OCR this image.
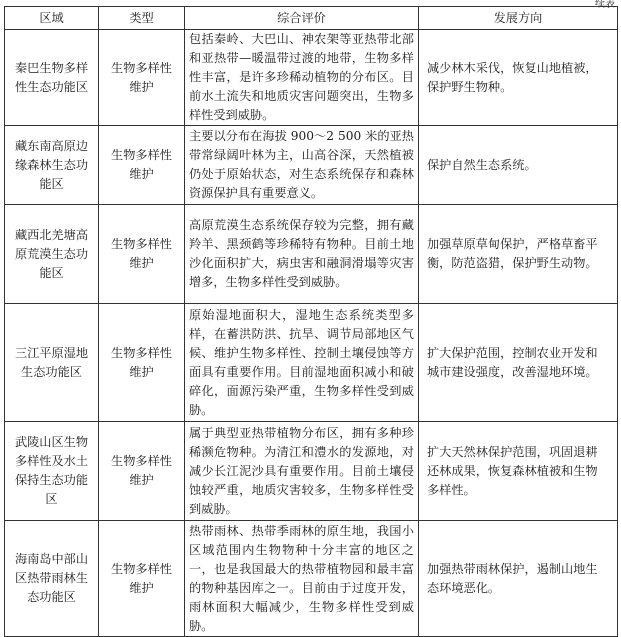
续表
区域	类型	综合评价	发展方向
秦巴生物多样性生态功能区	生物多样性维护	包括秦岭、大巴山、神农架等亚热带北部和亚热带—暖温带过渡的地带，生物多样性丰富，是许多珍稀动植物的分布区。目前水土流失和地质灾害问题突出，生物多样性受到威胁。	减少林木采伐，恢复山地植被，保护野生物种。
藏东南高原边缘森林生态功能区	生物多样性维护	主要以分布在海拔 900～2 500 米的亚热带常绿阔叶林为主，山高谷深，天然植被仍处于原始状态，对生态系统保存和森林资源保护具有重要意义。	保护自然生态系统。
藏西北羌塘高原荒漠生态功能区	生物多样性维护	高原荒漠生态系统保存较为完整，拥有藏羚羊、黑颈鹤等珍稀特有物种。目前土地沙化面积扩大，病虫害和融洞滑塌等灾害增多，生物多样性受到威胁。	加强草原草甸保护，严格草畜平衡，防范盗猎，保护野生动物。
三江平原湿地生态功能区	生物多样性维护	原始湿地面积大，湿地生态系统类型多样，在蓄洪防洪、抗旱、调节局部地区气候、维护生物多样性、控制土壤侵蚀等方面具有重要作用。目前湿地面积减小和破碎化，面源污染严重，生物多样性受到威胁。	扩大保护范围，控制农业开发和城市建设强度，改善湿地环境。
武陵山区生物多样性及水土保持生态功能区	生物多样性维护	属于典型亚热带植物分布区，拥有多种珍稀濒危物种。为清江和澧水的发源地，对减少长江泥沙具有重要作用。目前土壤侵蚀较严重，地质灾害较多，生物多样性受到威胁。	扩大天然林保护范围，巩固退耕还林成果，恢复森林植被和生物多样性。
海南岛中部山区热带雨林生态功能区	生物多样性维护	热带雨林、热带季雨林的原生地，我国小区域范围内生物物种十分丰富的地区之一，也是我国最大的热带植物园和最丰富的物种基因库之一。目前由于过度开发，雨林面积大幅减少，生物多样性受到威胁。	加强热带雨林保护，遏制山地生态环境恶化。
